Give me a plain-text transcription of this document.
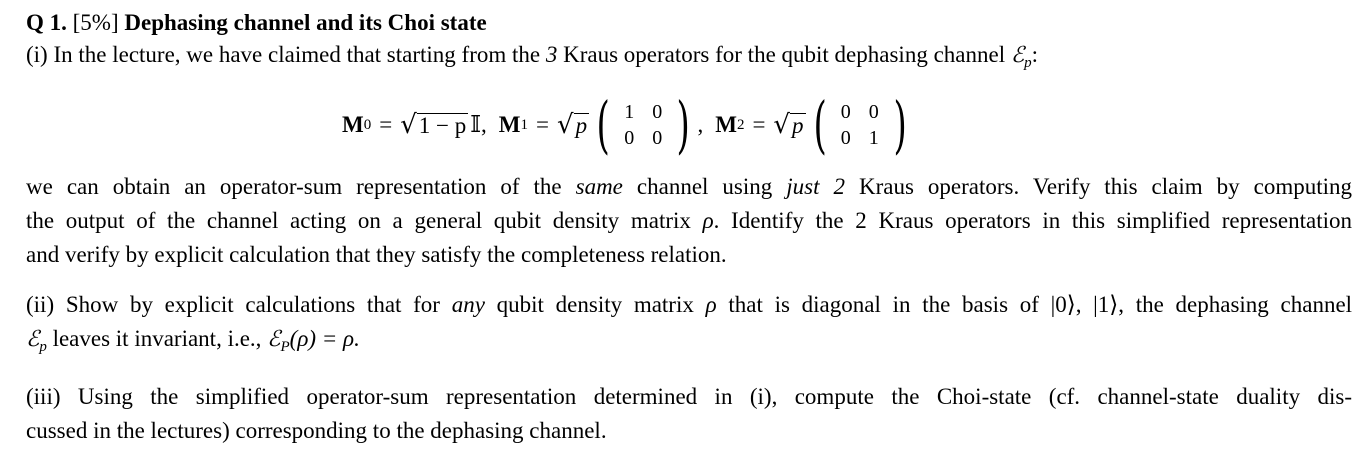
Q 1. [5%] Dephasing channel and its Choi state
(i) In the lecture, we have claimed that starting from the 3 Kraus operators for the qubit dephasing channel ℰ$_p$:
M 0 = √ 1 − p 𝕀 , M 1 = √ p ( 1 0
0 0 ) , M 2 = √ p ( 0 0
0 1 )
we can obtain an operator-sum representation of the same channel using just 2 Kraus operators. Verify this claim by computing
the output of the channel acting on a general qubit density matrix ρ. Identify the 2 Kraus operators in this simplified representation
and verify by explicit calculation that they satisfy the completeness relation.
(ii) Show by explicit calculations that for any qubit density matrix ρ that is diagonal in the basis of |0⟩, |1⟩, the dephasing channel
ℰ$_p$ leaves it invariant, i.e., ℰ$_P$(ρ) = ρ.
(iii) Using the simplified operator-sum representation determined in (i), compute the Choi-state (cf. channel-state duality dis-
cussed in the lectures) corresponding to the dephasing channel.
